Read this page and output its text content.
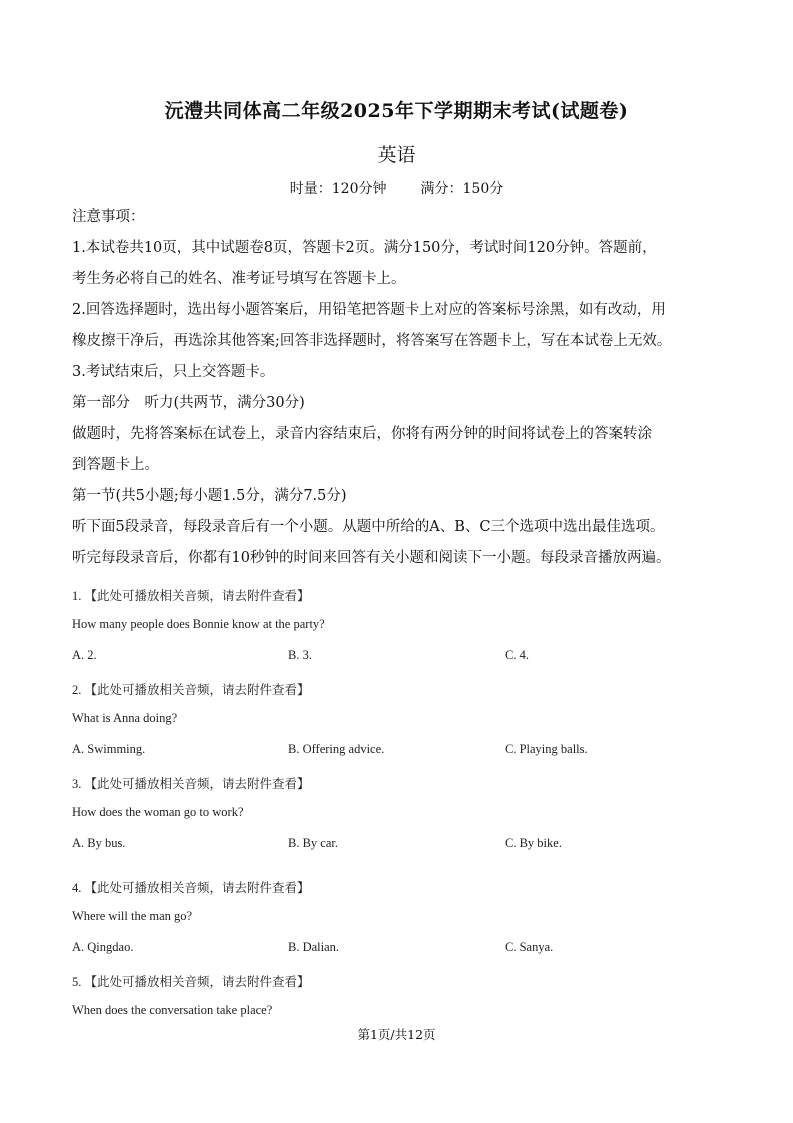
沅澧共同体高二年级2025年下学期期末考试(试题卷)
英语
时量：120分钟 满分：150分
注意事项：
1.本试卷共10页，其中试题卷8页，答题卡2页。满分150分，考试时间120分钟。答题前，
考生务必将自己的姓名、准考证号填写在答题卡上。
2.回答选择题时，选出每小题答案后，用铅笔把答题卡上对应的答案标号涂黑，如有改动，用
橡皮擦干净后，再选涂其他答案;回答非选择题时，将答案写在答题卡上，写在本试卷上无效。
3.考试结束后，只上交答题卡。
第一部分　听力(共两节，满分30分)
做题时，先将答案标在试卷上，录音内容结束后，你将有两分钟的时间将试卷上的答案转涂
到答题卡上。
第一节(共5小题;每小题1.5分，满分7.5分)
听下面5段录音，每段录音后有一个小题。从题中所给的A、B、C三个选项中选出最佳选项。
听完每段录音后，你都有10秒钟的时间来回答有关小题和阅读下一小题。每段录音播放两遍。
1. 【此处可播放相关音频，请去附件查看】
How many people does Bonnie know at the party?
A. 2.	B. 3.	C. 4.
2. 【此处可播放相关音频，请去附件查看】
What is Anna doing?
A. Swimming.	B. Offering advice.	C. Playing balls.
3. 【此处可播放相关音频，请去附件查看】
How does the woman go to work?
A. By bus.	B. By car.	C. By bike.
4. 【此处可播放相关音频，请去附件查看】
Where will the man go?
A. Qingdao.	B. Dalian.	C. Sanya.
5. 【此处可播放相关音频，请去附件查看】
When does the conversation take place?
第1页/共12页
